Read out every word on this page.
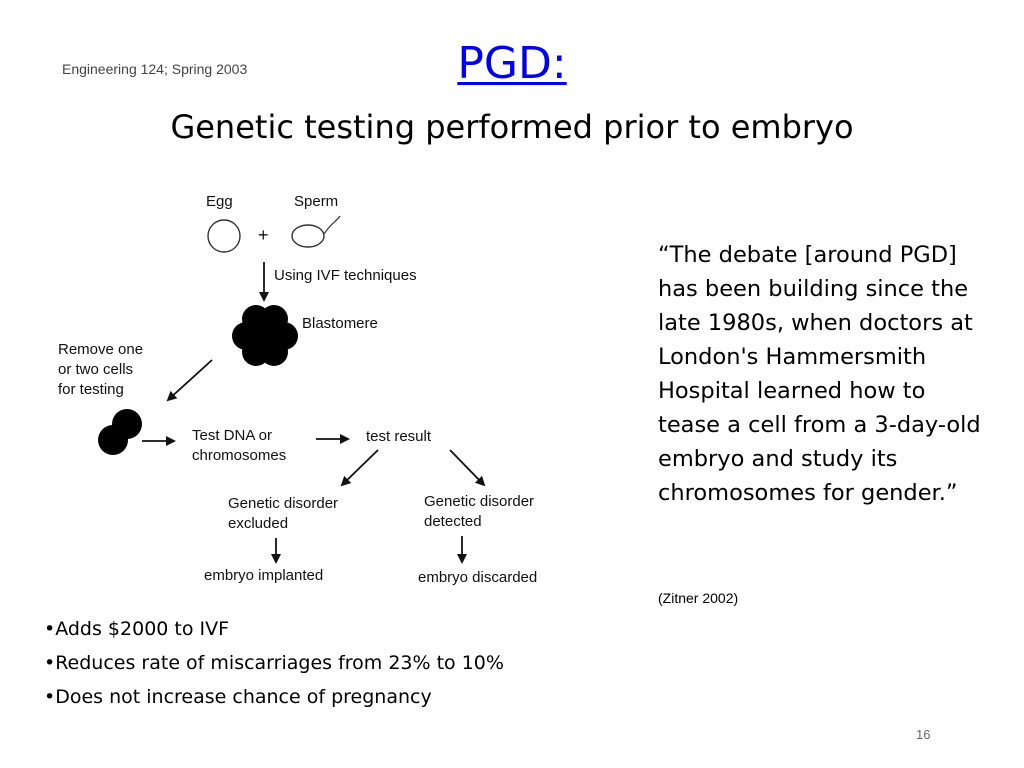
Engineering 124; Spring 2003	PGD:
Genetic testing performed prior to embryo
Egg	Sperm
+
Using IVF techniques
Blastomere
Remove one
or two cells
for testing
Test DNA or
chromosomes
test result
Genetic disorder
excluded
Genetic disorder
detected
embryo implanted	embryo discarded
“The debate [around PGD] has been building since the late 1980s, when doctors at London's Hammersmith Hospital learned how to tease a cell from a 3-day-old embryo and study its chromosomes for gender.”
(Zitner 2002)
•Adds $2000 to IVF
•Reduces rate of miscarriages from 23% to 10%
•Does not increase chance of pregnancy
16
